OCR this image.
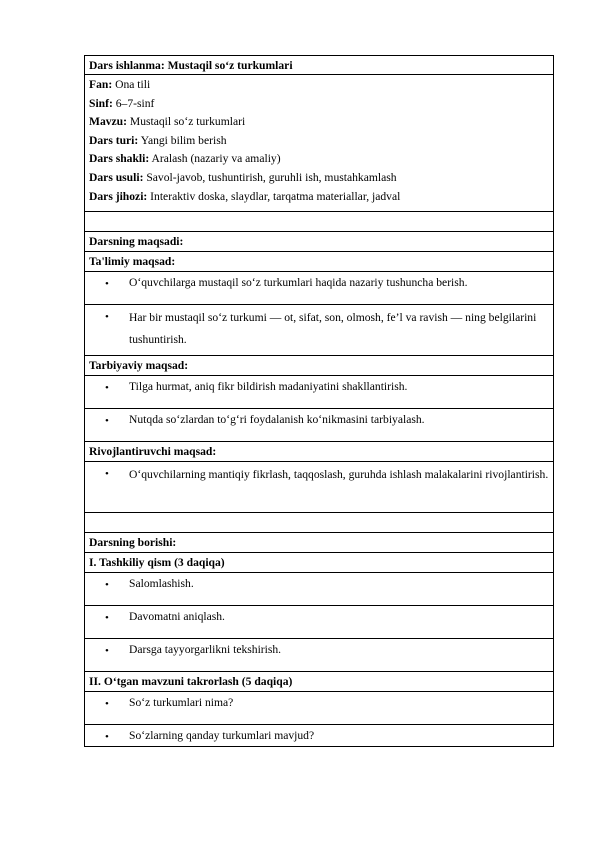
Dars ishlanma: Mustaqil so‘z turkumlari
Fan: Ona tili
Sinf: 6–7-sinf
Mavzu: Mustaqil so‘z turkumlari
Dars turi: Yangi bilim berish
Dars shakli: Aralash (nazariy va amaliy)
Dars usuli: Savol-javob, tushuntirish, guruhli ish, mustahkamlash
Dars jihozi: Interaktiv doska, slaydlar, tarqatma materiallar, jadval
Darsning maqsadi:
Ta'limiy maqsad:
• O‘quvchilarga mustaqil so‘z turkumlari haqida nazariy tushuncha berish.
• Har bir mustaqil so‘z turkumi — ot, sifat, son, olmosh, fe’l va ravish — ning belgilarini tushuntirish.
Tarbiyaviy maqsad:
• Tilga hurmat, aniq fikr bildirish madaniyatini shakllantirish.
• Nutqda so‘zlardan to‘g‘ri foydalanish ko‘nikmasini tarbiyalash.
Rivojlantiruvchi maqsad:
• O‘quvchilarning mantiqiy fikrlash, taqqoslash, guruhda ishlash malakalarini rivojlantirish.
Darsning borishi:
I. Tashkiliy qism (3 daqiqa)
• Salomlashish.
• Davomatni aniqlash.
• Darsga tayyorgarlikni tekshirish.
II. O‘tgan mavzuni takrorlash (5 daqiqa)
• So‘z turkumlari nima?
• So‘zlarning qanday turkumlari mavjud?
